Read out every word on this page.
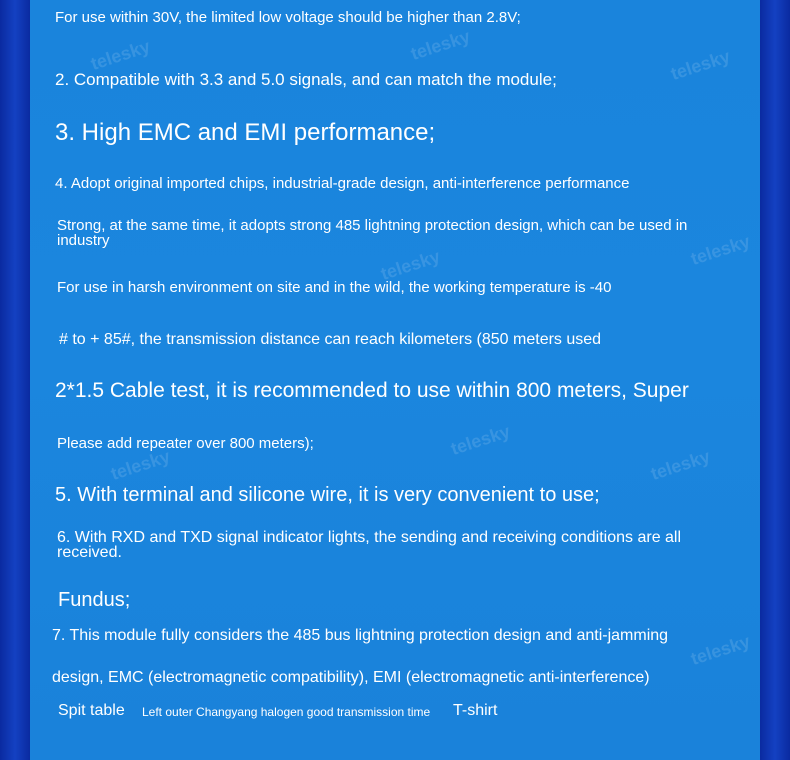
telesky	telesky
telesky
telesky	telesky
telesky
telesky
telesky
telesky
For use within 30V, the limited low voltage should be higher than 2.8V;
2. Compatible with 3.3 and 5.0 signals, and can match the module;
3. High EMC and EMI performance;
4. Adopt original imported chips, industrial-grade design, anti-interference performance
Strong, at the same time, it adopts strong 485 lightning protection design, which can be used in industry
For use in harsh environment on site and in the wild, the working temperature is -40
# to + 85#, the transmission distance can reach kilometers (850 meters used
2*1.5 Cable test, it is recommended to use within 800 meters, Super
Please add repeater over 800 meters);
5. With terminal and silicone wire, it is very convenient to use;
6. With RXD and TXD signal indicator lights, the sending and receiving conditions are all received.
Fundus;
7. This module fully considers the 485 bus lightning protection design and anti-jamming
design, EMC (electromagnetic compatibility), EMI (electromagnetic anti-interference)
Spit table Left outer Changyang halogen good transmission time T-shirt
